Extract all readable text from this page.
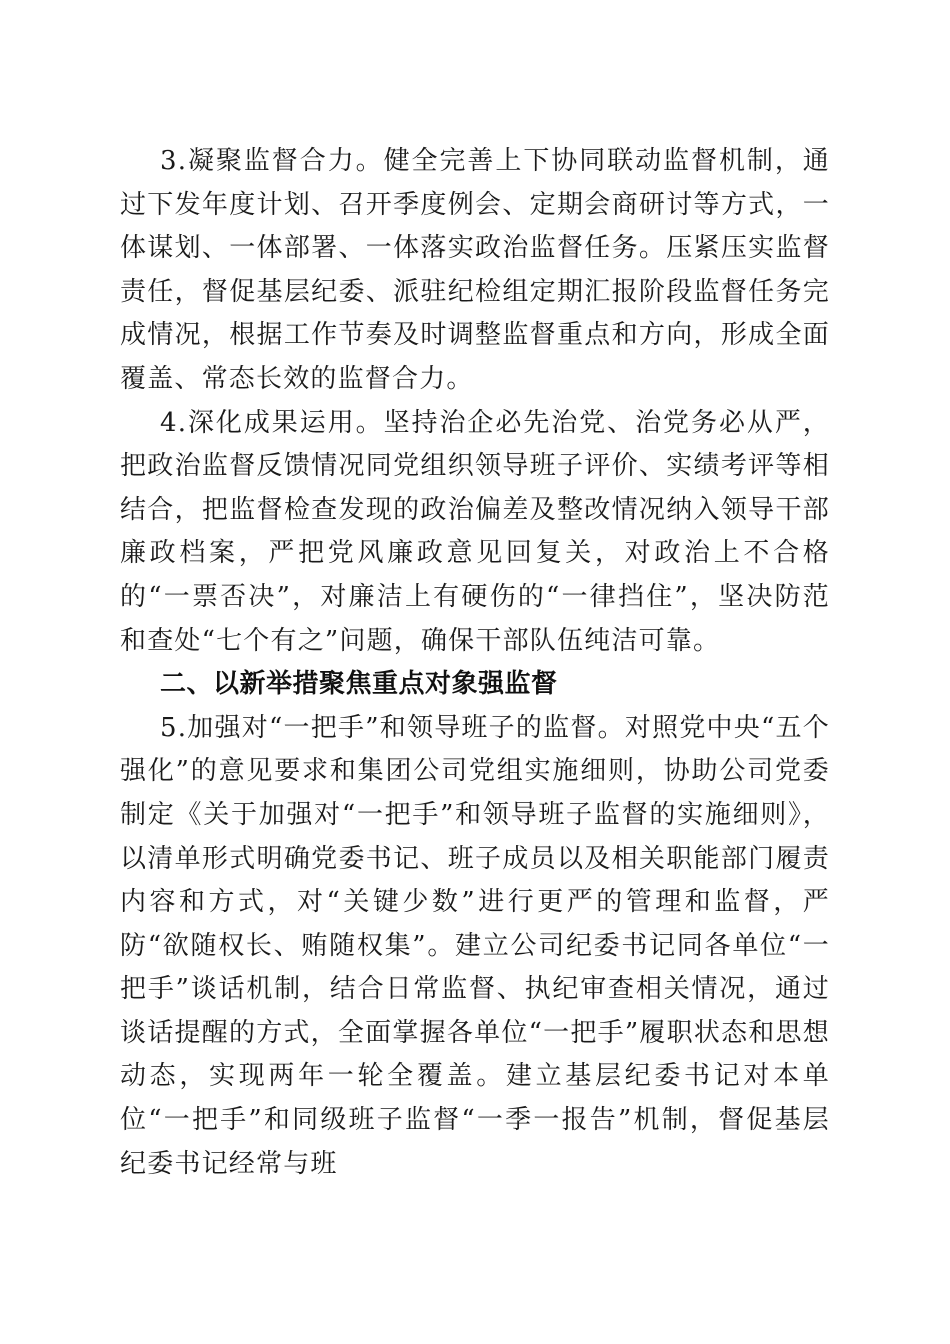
3.凝聚监督合力。健全完善上下协同联动监督机制，通过下发年度计划、召开季度例会、定期会商研讨等方式，一体谋划、一体部署、一体落实政治监督任务。压紧压实监督责任，督促基层纪委、派驻纪检组定期汇报阶段监督任务完成情况，根据工作节奏及时调整监督重点和方向，形成全面覆盖、常态长效的监督合力。

4.深化成果运用。坚持治企必先治党、治党务必从严，把政治监督反馈情况同党组织领导班子评价、实绩考评等相结合，把监督检查发现的政治偏差及整改情况纳入领导干部廉政档案，严把党风廉政意见回复关，对政治上不合格的“一票否决”，对廉洁上有硬伤的“一律挡住”，坚决防范和查处“七个有之”问题，确保干部队伍纯洁可靠。

二、以新举措聚焦重点对象强监督

5.加强对“一把手”和领导班子的监督。对照党中央“五个强化”的意见要求和集团公司党组实施细则，协助公司党委制定《关于加强对“一把手”和领导班子监督的实施细则》，以清单形式明确党委书记、班子成员以及相关职能部门履责内容和方式，对“关键少数”进行更严的管理和监督，严防“欲随权长、贿随权集”。建立公司纪委书记同各单位“一把手”谈话机制，结合日常监督、执纪审查相关情况，通过谈话提醒的方式，全面掌握各单位“一把手”履职状态和思想动态，实现两年一轮全覆盖。建立基层纪委书记对本单位“一把手”和同级班子监督“一季一报告”机制，督促基层纪委书记经常与班
